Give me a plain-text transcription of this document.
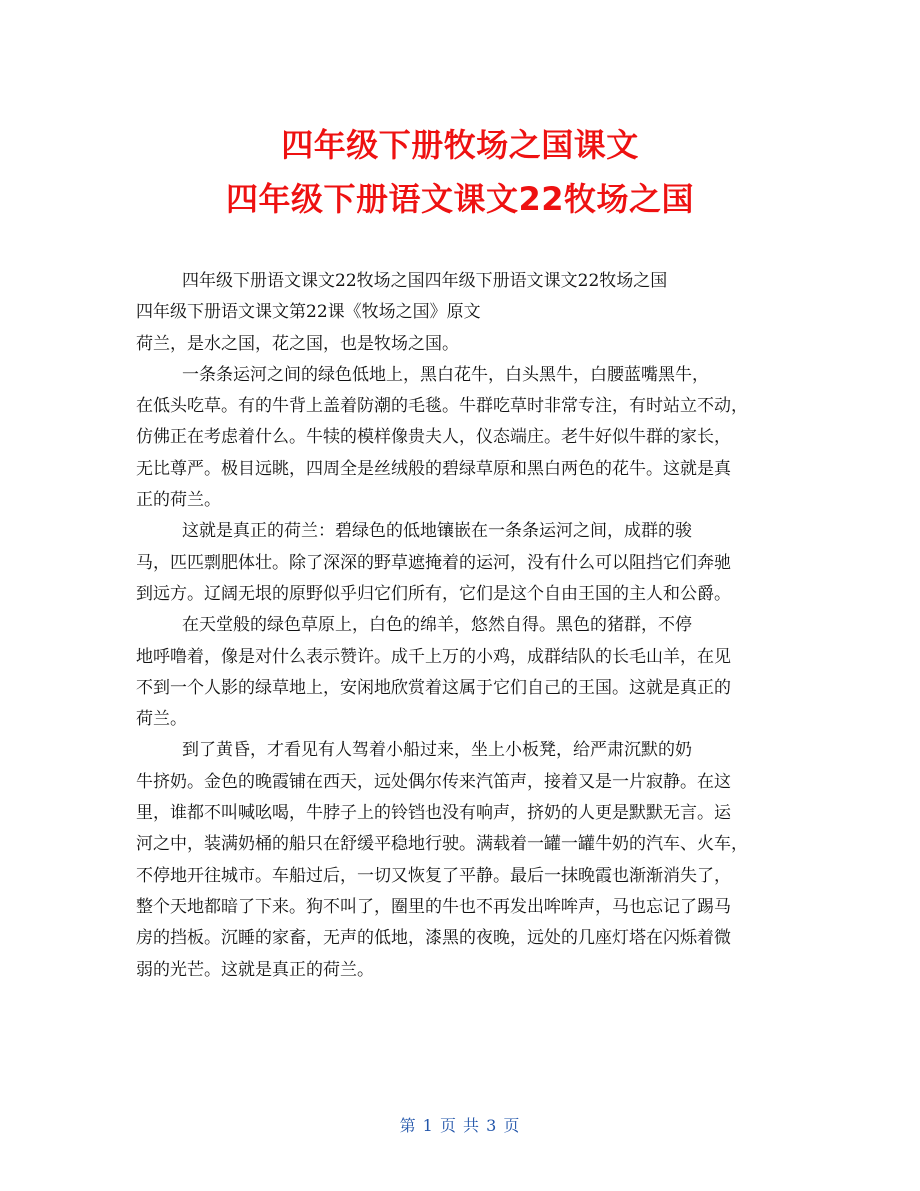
四年级下册牧场之国课文
四年级下册语文课文22牧场之国
四年级下册语文课文22牧场之国四年级下册语文课文22牧场之国
四年级下册语文课文第22课《牧场之国》原文
荷兰，是水之国，花之国，也是牧场之国。
一条条运河之间的绿色低地上，黑白花牛，白头黑牛，白腰蓝嘴黑牛，
在低头吃草。有的牛背上盖着防潮的毛毯。牛群吃草时非常专注，有时站立不动，
仿佛正在考虑着什么。牛犊的模样像贵夫人，仪态端庄。老牛好似牛群的家长，
无比尊严。极目远眺，四周全是丝绒般的碧绿草原和黑白两色的花牛。这就是真
正的荷兰。
这就是真正的荷兰：碧绿色的低地镶嵌在一条条运河之间，成群的骏
马，匹匹剽肥体壮。除了深深的野草遮掩着的运河，没有什么可以阻挡它们奔驰
到远方。辽阔无垠的原野似乎归它们所有，它们是这个自由王国的主人和公爵。
在天堂般的绿色草原上，白色的绵羊，悠然自得。黑色的猪群，不停
地呼噜着，像是对什么表示赞许。成千上万的小鸡，成群结队的长毛山羊，在见
不到一个人影的绿草地上，安闲地欣赏着这属于它们自己的王国。这就是真正的
荷兰。
到了黄昏，才看见有人驾着小船过来，坐上小板凳，给严肃沉默的奶
牛挤奶。金色的晚霞铺在西天，远处偶尔传来汽笛声，接着又是一片寂静。在这
里，谁都不叫喊吆喝，牛脖子上的铃铛也没有响声，挤奶的人更是默默无言。运
河之中，装满奶桶的船只在舒缓平稳地行驶。满载着一罐一罐牛奶的汽车、火车，
不停地开往城市。车船过后，一切又恢复了平静。最后一抹晚霞也渐渐消失了，
整个天地都暗了下来。狗不叫了，圈里的牛也不再发出哞哞声，马也忘记了踢马
房的挡板。沉睡的家畜，无声的低地，漆黑的夜晚，远处的几座灯塔在闪烁着微
弱的光芒。这就是真正的荷兰。
第 1 页 共 3 页
